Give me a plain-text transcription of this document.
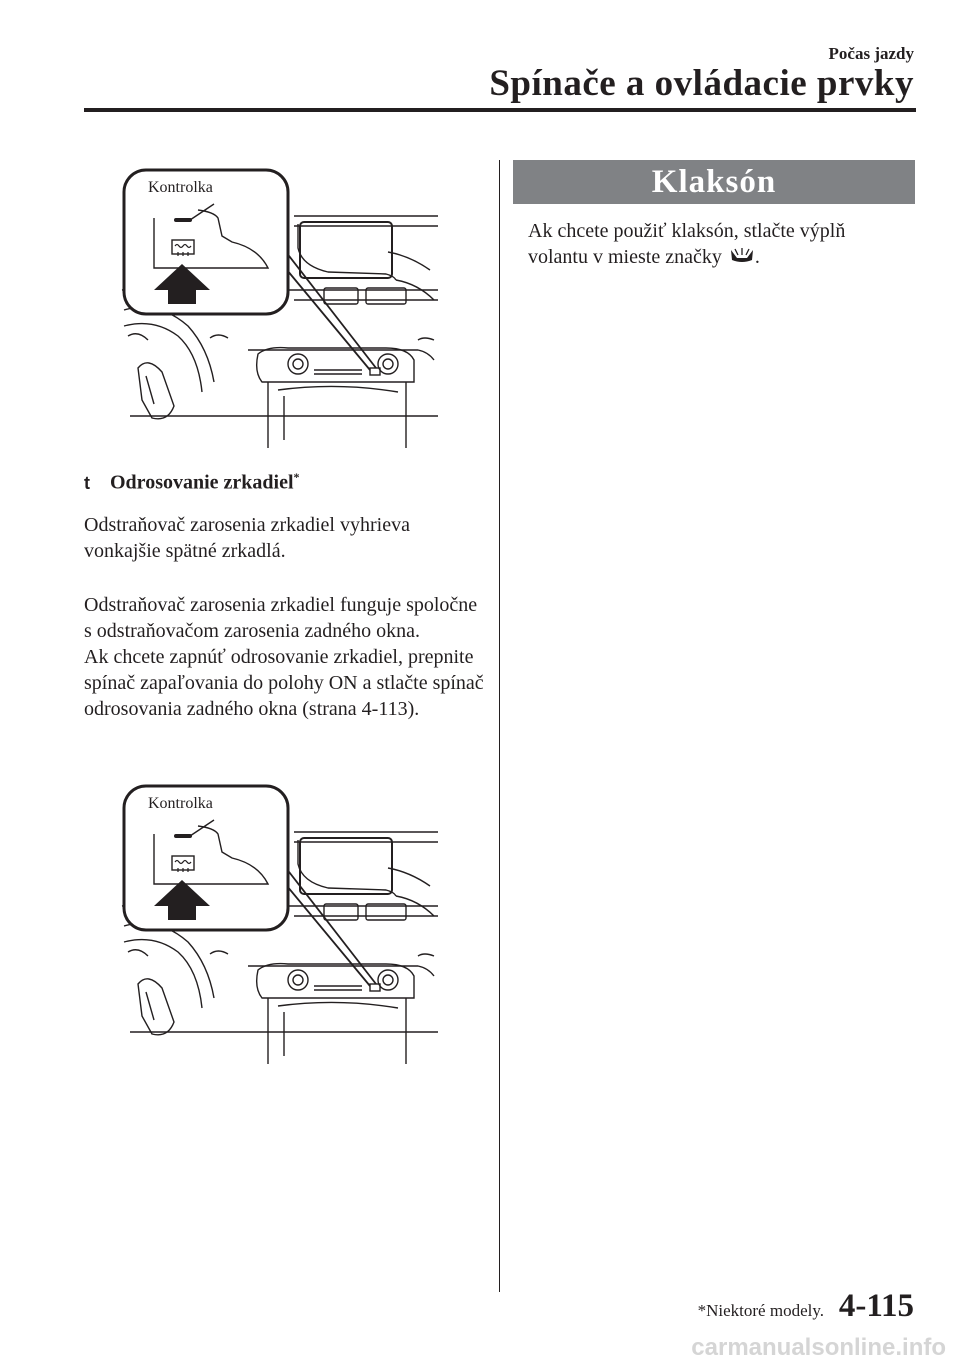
Počas jazdy
Spínače a ovládacie prvky
Kontrolka
t Odrosovanie zrkadiel*

Odstraňovač zarosenia zrkadiel vyhrieva vonkajšie spätné zrkadlá.

Odstraňovač zarosenia zrkadiel funguje spoločne s odstraňovačom zarosenia zadného okna.

Ak chcete zapnúť odrosovanie zrkadiel, prepnite spínač zapaľovania do polohy ON a stlačte spínač odrosovania zadného okna (strana 4-113).

Kontrolka
Klaksón
Ak chcete použiť klaksón, stlačte výplň volantu v mieste značky .
*Niektoré modely. 4-115
carmanualsonline.info
